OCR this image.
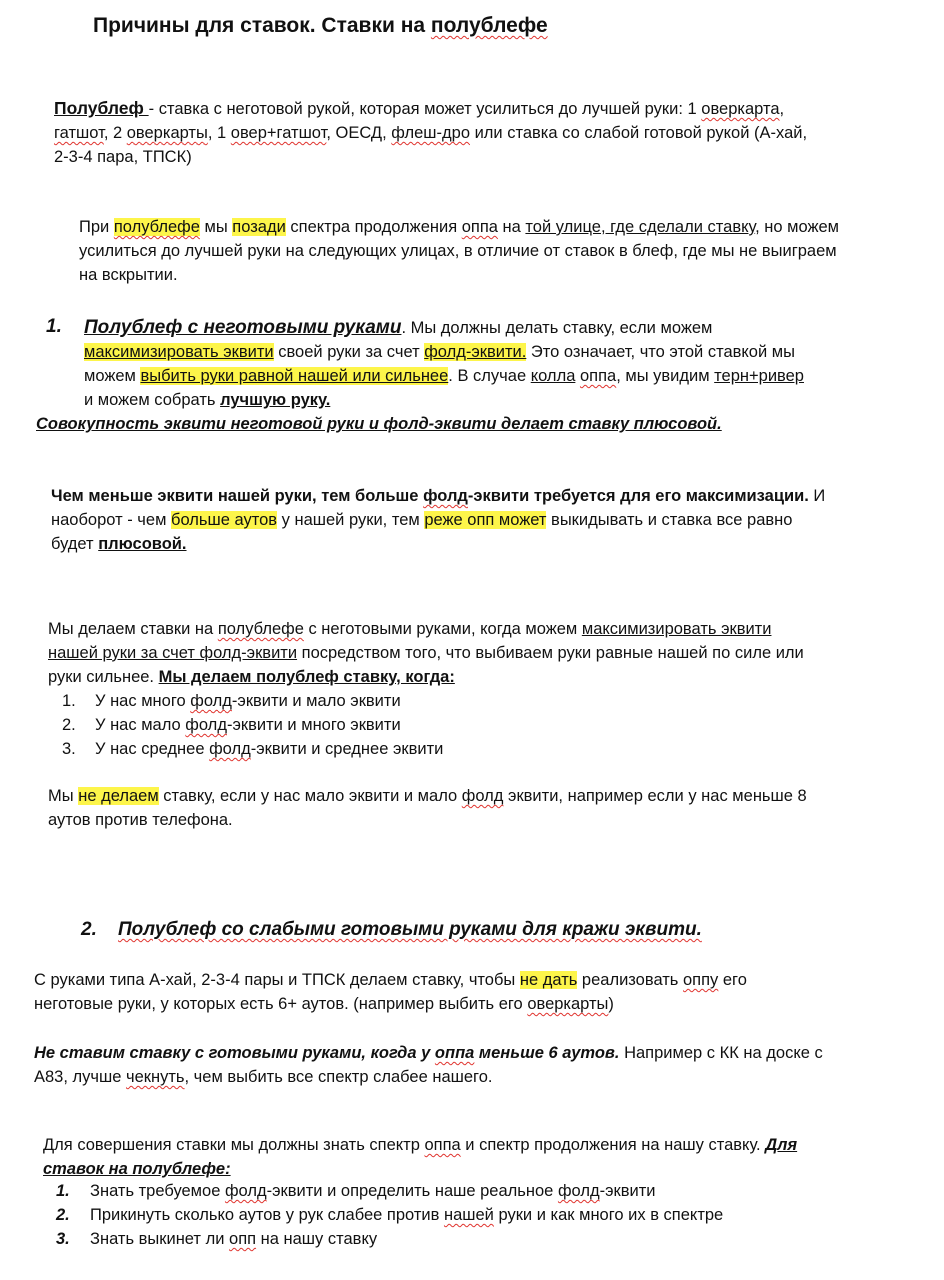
Причины для ставок. Ставки на полублефе
Полублеф - ставка с неготовой рукой, которая может усилиться до лучшей руки: 1 оверкарта,
гатшот, 2 оверкарты, 1 овер+гатшот, ОЕСД, флеш-дро или ставка со слабой готовой рукой (А-хай,
2-3-4 пара, ТПСК)
При полублефе мы позади спектра продолжения оппа на той улице, где сделали ставку, но можем
усилиться до лучшей руки на следующих улицах, в отличие от ставок в блеф, где мы не выиграем
на вскрытии.
1. Полублеф с неготовыми руками. Мы должны делать ставку, если можем
максимизировать эквити своей руки за счет фолд-эквити. Это означает, что этой ставкой мы
можем выбить руки равной нашей или сильнее. В случае колла оппа, мы увидим терн+ривер
и можем собрать лучшую руку.
Совокупность эквити неготовой руки и фолд-эквити делает ставку плюсовой.
Чем меньше эквити нашей руки, тем больше фолд-эквити требуется для его максимизации. И
наоборот - чем больше аутов у нашей руки, тем реже опп может выкидывать и ставка все равно
будет плюсовой.
Мы делаем ставки на полублефе с неготовыми руками, когда можем максимизировать эквити
нашей руки за счет фолд-эквити посредством того, что выбиваем руки равные нашей по силе или
руки сильнее. Мы делаем полублеф ставку, когда:
1. У нас много фолд-эквити и мало эквити
2. У нас мало фолд-эквити и много эквити
3. У нас среднее фолд-эквити и среднее эквити
Мы не делаем ставку, если у нас мало эквити и мало фолд эквити, например если у нас меньше 8
аутов против телефона.
2. Полублеф со слабыми готовыми руками для кражи эквити.
С руками типа А-хай, 2-3-4 пары и ТПСК делаем ставку, чтобы не дать реализовать оппу его
неготовые руки, у которых есть 6+ аутов. (например выбить его оверкарты)
Не ставим ставку с готовыми руками, когда у оппа меньше 6 аутов. Например с КК на доске с
А83, лучше чекнуть, чем выбить все спектр слабее нашего.
Для совершения ставки мы должны знать спектр оппа и спектр продолжения на нашу ставку. Для
ставок на полублефе:
1. Знать требуемое фолд-эквити и определить наше реальное фолд-эквити
2. Прикинуть сколько аутов у рук слабее против нашей руки и как много их в спектре
3. Знать выкинет ли опп на нашу ставку
